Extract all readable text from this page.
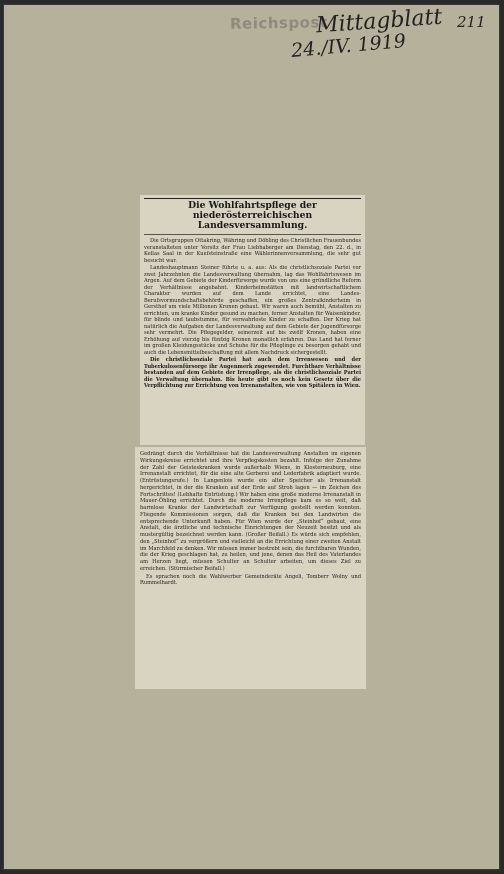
Reichspost
Mittagblatt 211
24./IV. 1919
Die Wohlfahrtspflege der niederösterreichischen Landesversammlung.

Die Ortsgruppen Ottakring, Währing und Döbling des Christlichen Frauenbundes veranstalteten unter Vorsitz der Frau Liebhaberger am Dienstag, den 22. d., in Kellas Saal in der Kuefsteinstraße eine Wählerinnenversammlung, die sehr gut besucht war.

Landeshauptmann Steiner führte u. a. aus: Als die christlichsoziale Partei vor zwei Jahrzehnten die Landesverwaltung übernahm, lag das Wohlfahrtswesen im Argen. Auf dem Gebiete der Kinderfürsorge wurde von uns eine gründliche Reform der Verhältnisse angebahnt. Kinderheimstätten mit landwirtschaftlichem Charakter wurden auf dem Lande errichtet, eine Landes-Berufsvormundschaftsbehörde geschaffen, ein großes Zentralkinderheim in Gersthof um viele Millionen Kronen gebaut. Wir waren auch bemüht, Anstalten zu errichten, um kranke Kinder gesund zu machen, ferner Anstalten für Waisenkinder, für blinde und taubstumme, für verwahrloste Kinder zu schaffen. Der Krieg hat natürlich die Aufgaben der Landesverwaltung auf dem Gebiete der Jugendfürsorge sehr vermehrt. Die Pflegegelder, seinerzeit auf bis zwölf Kronen, haben eine Erhöhung auf vierzig bis fünfzig Kronen monatlich erfahren. Das Land hat ferner im großen Kleidungsstücke und Schuhe für die Pfleglinge zu besorgen gehabt und auch die Lebensmittelbeschaffung mit allem Nachdruck sichergestellt.

Die christlichsoziale Partei hat auch dem Irrenwesen und der Tuberkulosenfürsorge ihr Augenmerk zugewendet. Furchtbare Verhältnisse bestanden auf dem Gebiete der Irrenpflege, als die christlichsoziale Partei die Verwaltung übernahm. Bis heute gibt es noch kein Gesetz über die Verpflichtung zur Errichtung von Irrenanstalten, wie von Spitälern in Wien.

Gedrängt durch die Verhältnisse hat die Landesverwaltung Anstalten im eigenen Wirkungskreise errichtet und ihre Verpflegskosten bezahlt. Infolge der Zunahme der Zahl der Geisteskranken wurde außerhalb Wiens, in Klosterneuburg, eine Irrenanstalt errichtet, für die eine alte Gerberei und Lederfabrik adaptiert wurde. (Entrüstungsrufe.) In Langenlois wurde ein alter Speicher als Irrenanstalt hergerichtet, in der die Kranken auf der Erde auf Stroh lagen — im Zeichen des Fortschrittes! (Lebhafte Entrüstung.) Wir haben eine große moderne Irrenanstalt in Mauer-Öhling errichtet. Durch die moderne Irrenpflege kam es so weit, daß harmlose Kranke der Landwirtschaft zur Verfügung gestellt werden konnten. Fliegende Kommissionen sorgen, daß die Kranken bei den Landwirten die entsprechende Unterkunft haben. Für Wien wurde der „Steinhof“ gebaut, eine Anstalt, die ärztliche und technische Einrichtungen der Neuzeit besitzt und als mustergültig bezeichnet werden kann. (Großer Beifall.) Es würde sich empfehlen, den „Steinhof“ zu vergrößern und vielleicht an die Errichtung einer zweiten Anstalt im Marchfeld zu denken. Wir müssen immer bestrebt sein, die furchtbaren Wunden, die der Krieg geschlagen hat, zu heilen, und jene, denen das Heil des Vaterlandes am Herzen liegt, müssen Schulter an Schulter arbeiten, um dieses Ziel zu erreichen. (Stürmischer Beifall.)

Es sprachen noch die Wahlwerber Gemeinderäte Angeli, Tomberr Wolny und Rummelhardt.
